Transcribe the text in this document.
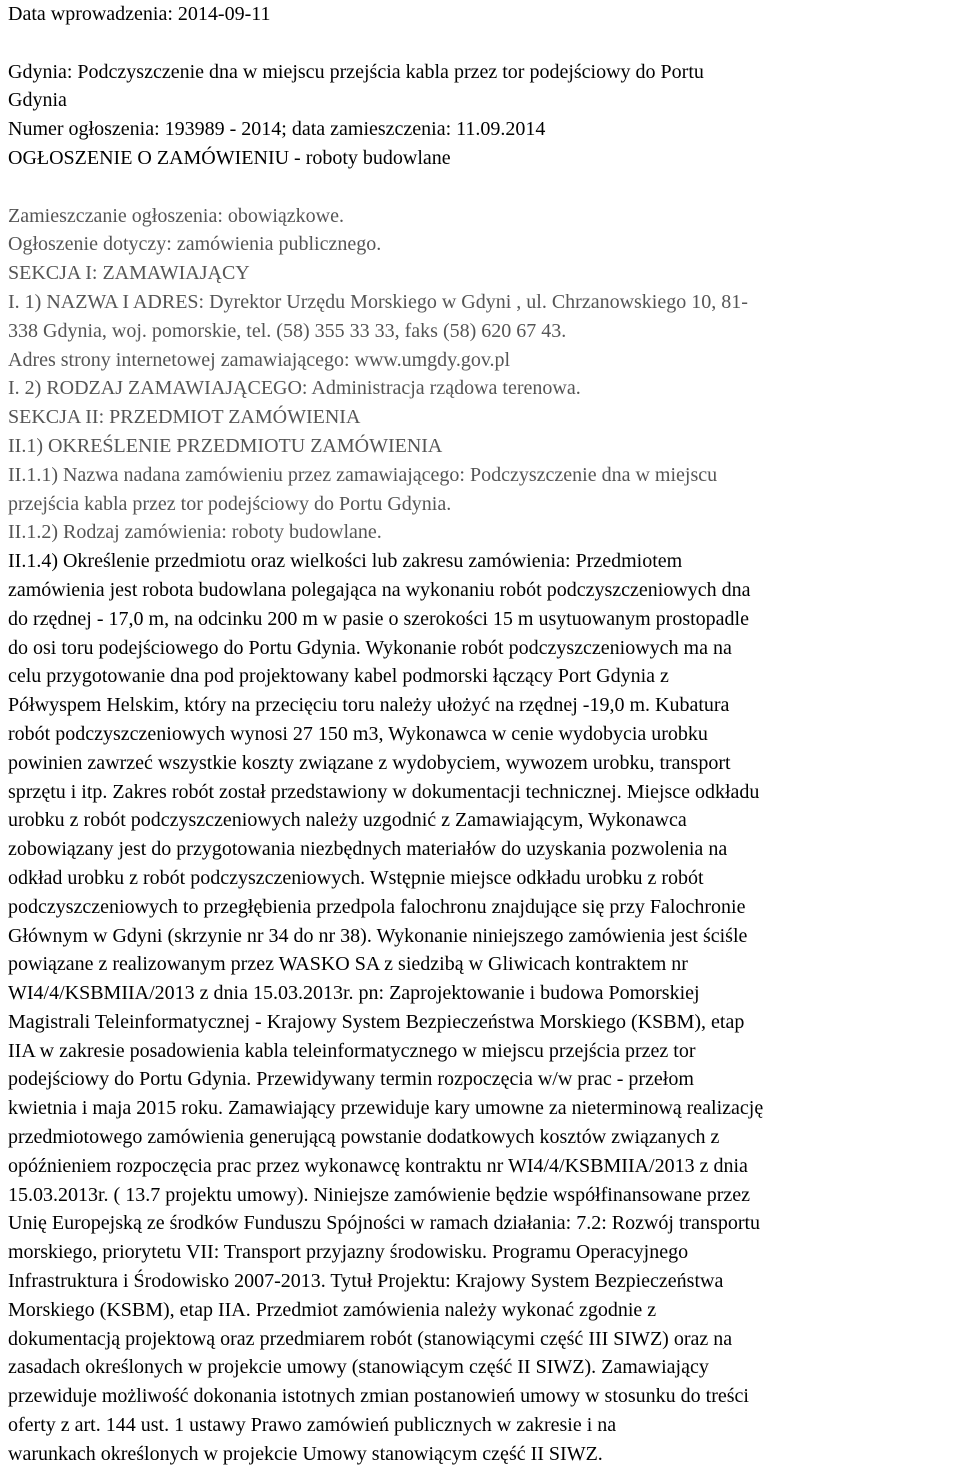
Data wprowadzenia: 2014-09-11

Gdynia: Podczyszczenie dna w miejscu przejścia kabla przez tor podejściowy do Portu

Gdynia

Numer ogłoszenia: 193989 - 2014; data zamieszczenia: 11.09.2014

OGŁOSZENIE O ZAMÓWIENIU - roboty budowlane

Zamieszczanie ogłoszenia: obowiązkowe.

Ogłoszenie dotyczy: zamówienia publicznego.

SEKCJA I: ZAMAWIAJĄCY

I. 1) NAZWA I ADRES: Dyrektor Urzędu Morskiego w Gdyni , ul. Chrzanowskiego 10, 81-

338 Gdynia, woj. pomorskie, tel. (58) 355 33 33, faks (58) 620 67 43.

Adres strony internetowej zamawiającego: www.umgdy.gov.pl

I. 2) RODZAJ ZAMAWIAJĄCEGO: Administracja rządowa terenowa.

SEKCJA II: PRZEDMIOT ZAMÓWIENIA

II.1) OKREŚLENIE PRZEDMIOTU ZAMÓWIENIA

II.1.1) Nazwa nadana zamówieniu przez zamawiającego: Podczyszczenie dna w miejscu

przejścia kabla przez tor podejściowy do Portu Gdynia.

II.1.2) Rodzaj zamówienia: roboty budowlane.

II.1.4) Określenie przedmiotu oraz wielkości lub zakresu zamówienia: Przedmiotem

zamówienia jest robota budowlana polegająca na wykonaniu robót podczyszczeniowych dna

do rzędnej - 17,0 m, na odcinku 200 m w pasie o szerokości 15 m usytuowanym prostopadle

do osi toru podejściowego do Portu Gdynia. Wykonanie robót podczyszczeniowych ma na

celu przygotowanie dna pod projektowany kabel podmorski łączący Port Gdynia z

Półwyspem Helskim, który na przecięciu toru należy ułożyć na rzędnej -19,0 m. Kubatura

robót podczyszczeniowych wynosi 27 150 m3, Wykonawca w cenie wydobycia urobku

powinien zawrzeć wszystkie koszty związane z wydobyciem, wywozem urobku, transport

sprzętu i itp. Zakres robót został przedstawiony w dokumentacji technicznej. Miejsce odkładu

urobku z robót podczyszczeniowych należy uzgodnić z Zamawiającym, Wykonawca

zobowiązany jest do przygotowania niezbędnych materiałów do uzyskania pozwolenia na

odkład urobku z robót podczyszczeniowych. Wstępnie miejsce odkładu urobku z robót

podczyszczeniowych to przegłębienia przedpola falochronu znajdujące się przy Falochronie

Głównym w Gdyni (skrzynie nr 34 do nr 38). Wykonanie niniejszego zamówienia jest ściśle

powiązane z realizowanym przez WASKO SA z siedzibą w Gliwicach kontraktem nr

WI4/4/KSBMIIA/2013 z dnia 15.03.2013r. pn: Zaprojektowanie i budowa Pomorskiej

Magistrali Teleinformatycznej - Krajowy System Bezpieczeństwa Morskiego (KSBM), etap

IIA w zakresie posadowienia kabla teleinformatycznego w miejscu przejścia przez tor

podejściowy do Portu Gdynia. Przewidywany termin rozpoczęcia w/w prac - przełom

kwietnia i maja 2015 roku. Zamawiający przewiduje kary umowne za nieterminową realizację

przedmiotowego zamówienia generującą powstanie dodatkowych kosztów związanych z

opóźnieniem rozpoczęcia prac przez wykonawcę kontraktu nr WI4/4/KSBMIIA/2013 z dnia

15.03.2013r. ( 13.7 projektu umowy). Niniejsze zamówienie będzie współfinansowane przez

Unię Europejską ze środków Funduszu Spójności w ramach działania: 7.2: Rozwój transportu

morskiego, priorytetu VII: Transport przyjazny środowisku. Programu Operacyjnego

Infrastruktura i Środowisko 2007-2013. Tytuł Projektu: Krajowy System Bezpieczeństwa

Morskiego (KSBM), etap IIA. Przedmiot zamówienia należy wykonać zgodnie z

dokumentacją projektową oraz przedmiarem robót (stanowiącymi część III SIWZ) oraz na

zasadach określonych w projekcie umowy (stanowiącym część II SIWZ). Zamawiający

przewiduje możliwość dokonania istotnych zmian postanowień umowy w stosunku do treści

oferty z art. 144 ust. 1 ustawy Prawo zamówień publicznych w zakresie i na

warunkach określonych w projekcie Umowy stanowiącym część II SIWZ.
